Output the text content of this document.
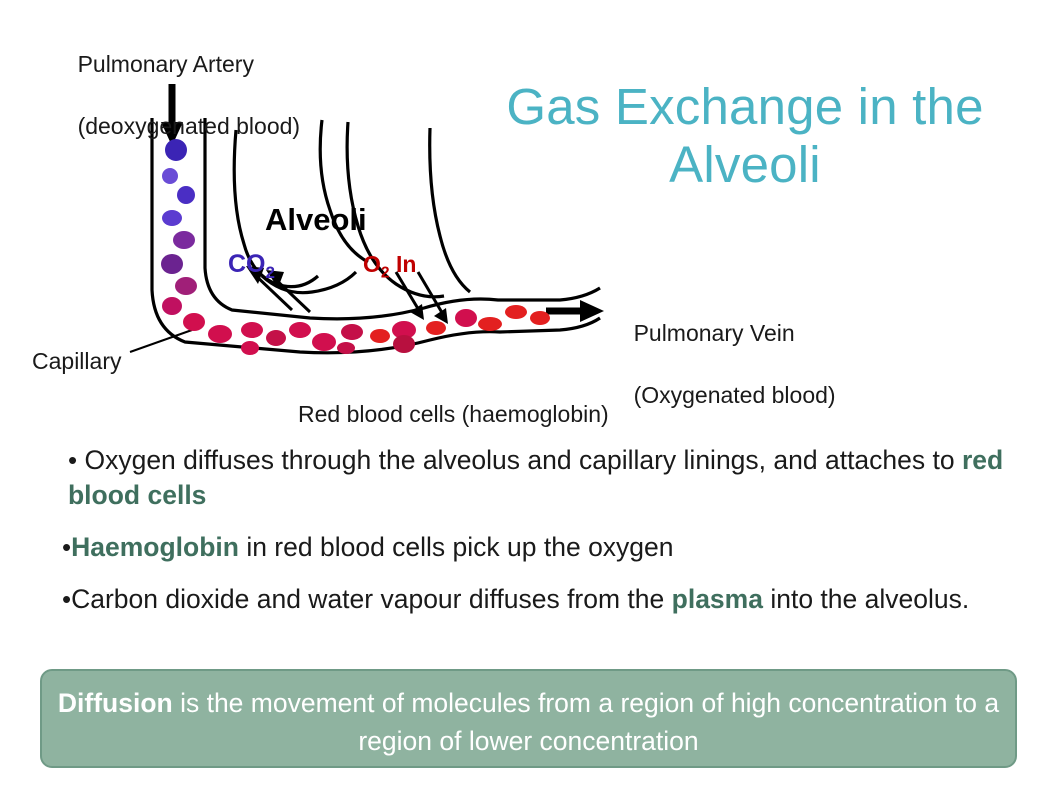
Gas Exchange in the Alveoli

Pulmonary Artery

(deoxygenated blood)

Pulmonary Vein

(Oxygenated blood)

Capillary
Red blood cells (haemoglobin)
Alveoli
$CO_2$	$O_2$ In
• Oxygen diffuses through the alveolus and capillary linings, and attaches to red blood cells
•Haemoglobin in red blood cells pick up the oxygen
•Carbon dioxide and water vapour diffuses from the plasma into the alveolus.
Diffusion is the movement of molecules from a region of high concentration to a region of lower concentration
